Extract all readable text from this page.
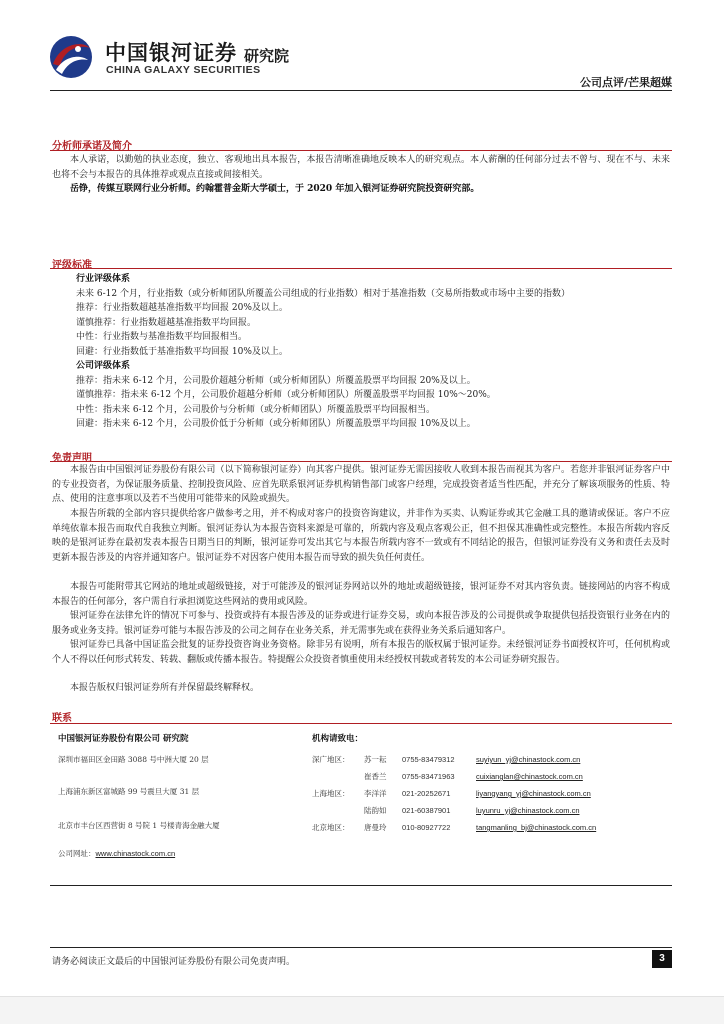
中国银河证券
CHINA GALAXY SECURITIES
研究院
公司点评/芒果超媒
分析师承诺及简介
本人承诺，以勤勉的执业态度，独立、客观地出具本报告，本报告清晰准确地反映本人的研究观点。本人薪酬的任何部分过去不曾与、现在不与、未来也将不会与本报告的具体推荐或观点直接或间接相关。
岳铮，传媒互联网行业分析师。约翰霍普金斯大学硕士，于 2020 年加入银河证券研究院投资研究部。
评级标准
行业评级体系
未来 6-12 个月，行业指数（或分析师团队所覆盖公司组成的行业指数）相对于基准指数（交易所指数或市场中主要的指数）
推荐：行业指数超越基准指数平均回报 20%及以上。
谨慎推荐：行业指数超越基准指数平均回报。
中性：行业指数与基准指数平均回报相当。
回避：行业指数低于基准指数平均回报 10%及以上。
公司评级体系
推荐：指未来 6-12 个月，公司股价超越分析师（或分析师团队）所覆盖股票平均回报 20%及以上。
谨慎推荐：指未来 6-12 个月，公司股价超越分析师（或分析师团队）所覆盖股票平均回报 10%～20%。
中性：指未来 6-12 个月，公司股价与分析师（或分析师团队）所覆盖股票平均回报相当。
回避：指未来 6-12 个月，公司股价低于分析师（或分析师团队）所覆盖股票平均回报 10%及以上。
免责声明
本报告由中国银河证券股份有限公司（以下简称银河证券）向其客户提供。银河证券无需因接收人收到本报告而视其为客户。若您并非银河证券客户中的专业投资者，为保证服务质量、控制投资风险、应首先联系银河证券机构销售部门或客户经理，完成投资者适当性匹配，并充分了解该项服务的性质、特点、使用的注意事项以及若不当使用可能带来的风险或损失。
本报告所载的全部内容只提供给客户做参考之用，并不构成对客户的投资咨询建议，并非作为买卖、认购证券或其它金融工具的邀请或保证。客户不应单纯依靠本报告而取代自我独立判断。银河证券认为本报告资料来源是可靠的，所载内容及观点客观公正，但不担保其准确性或完整性。本报告所载内容反映的是银河证券在最初发表本报告日期当日的判断，银河证券可发出其它与本报告所载内容不一致或有不同结论的报告，但银河证券没有义务和责任去及时更新本报告涉及的内容并通知客户。银河证券不对因客户使用本报告而导致的损失负任何责任。
本报告可能附带其它网站的地址或超级链接，对于可能涉及的银河证券网站以外的地址或超级链接，银河证券不对其内容负责。链接网站的内容不构成本报告的任何部分，客户需自行承担浏览这些网站的费用或风险。
银河证券在法律允许的情况下可参与、投资或持有本报告涉及的证券或进行证券交易，或向本报告涉及的公司提供或争取提供包括投资银行业务在内的服务或业务支持。银河证券可能与本报告涉及的公司之间存在业务关系，并无需事先或在获得业务关系后通知客户。
银河证券已具备中国证监会批复的证券投资咨询业务资格。除非另有说明，所有本报告的版权属于银河证券。未经银河证券书面授权许可，任何机构或个人不得以任何形式转发、转载、翻版或传播本报告。特提醒公众投资者慎重使用未经授权刊载或者转发的本公司证券研究报告。
本报告版权归银河证券所有并保留最终解释权。
联系
中国银河证券股份有限公司 研究院	机构请致电：
深圳市福田区金田路 3088 号中洲大厦 20 层
上海浦东新区富城路 99 号震旦大厦 31 层
北京市丰台区西营街 8 号院 1 号楼青海金融大厦
深广地区： 苏一耘 0755-83479312	suyiyun_yj@chinastock.com.cn
崔香兰 0755-83471963	cuixianglan@chinastock.com.cn
上海地区： 李洋洋 021-20252671	liyangyang_yj@chinastock.com.cn
陆韵如 021-60387901	luyunru_yj@chinastock.com.cn
北京地区： 唐曼玲 010-80927722	tangmanling_bj@chinastock.com.cn
公司网址：www.chinastock.com.cn
请务必阅读正文最后的中国银河证券股份有限公司免责声明。	3
